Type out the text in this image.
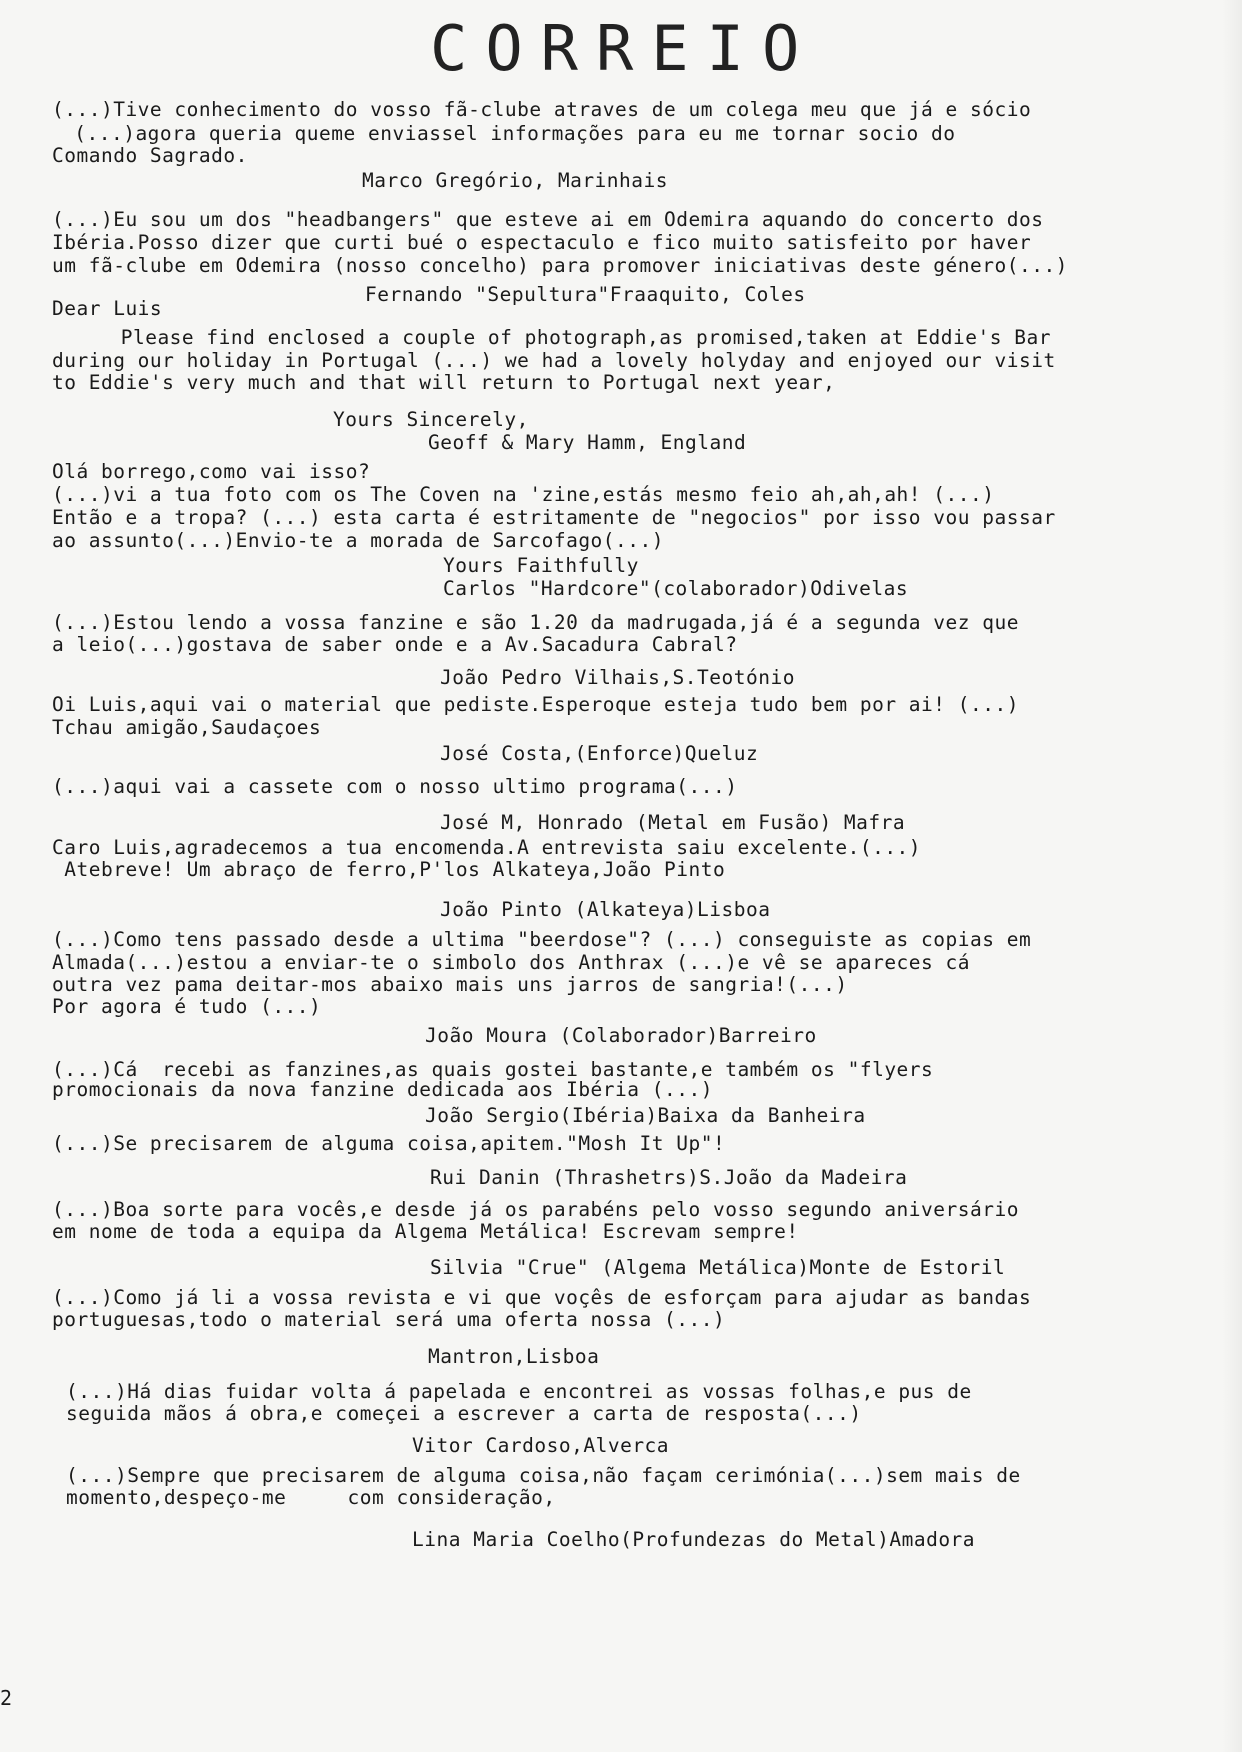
CORREIO
(...)Tive conhecimento do vosso fã-clube atraves de um colega meu que já e sócio
(...)agora queria queme enviassel informações para eu me tornar socio do
Comando Sagrado.
Marco Gregório, Marinhais
(...)Eu sou um dos "headbangers" que esteve ai em Odemira aquando do concerto dos
Ibéria.Posso dizer que curti bué o espectaculo e fico muito satisfeito por haver
um fã-clube em Odemira (nosso concelho) para promover iniciativas deste género(...)
Fernando "Sepultura"Fraaquito, Coles
Dear Luis
Please find enclosed a couple of photograph,as promised,taken at Eddie's Bar
during our holiday in Portugal (...) we had a lovely holyday and enjoyed our visit
to Eddie's very much and that will return to Portugal next year,
Yours Sincerely,
Geoff & Mary Hamm, England
Olá borrego,como vai isso?
(...)vi a tua foto com os The Coven na 'zine,estás mesmo feio ah,ah,ah! (...)
Então e a tropa? (...) esta carta é estritamente de "negocios" por isso vou passar
ao assunto(...)Envio-te a morada de Sarcofago(...)
Yours Faithfully
Carlos "Hardcore"(colaborador)Odivelas
(...)Estou lendo a vossa fanzine e são 1.20 da madrugada,já é a segunda vez que
a leio(...)gostava de saber onde e a Av.Sacadura Cabral?
João Pedro Vilhais,S.Teotónio
Oi Luis,aqui vai o material que pediste.Esperoque esteja tudo bem por ai! (...)
Tchau amigão,Saudaçoes
José Costa,(Enforce)Queluz
(...)aqui vai a cassete com o nosso ultimo programa(...)
José M, Honrado (Metal em Fusão) Mafra
Caro Luis,agradecemos a tua encomenda.A entrevista saiu excelente.(...)
Atebreve! Um abraço de ferro,P'los Alkateya,João Pinto
João Pinto (Alkateya)Lisboa
(...)Como tens passado desde a ultima "beerdose"? (...) conseguiste as copias em
Almada(...)estou a enviar-te o simbolo dos Anthrax (...)e vê se apareces cá
outra vez pama deitar-mos abaixo mais uns jarros de sangria!(...)
Por agora é tudo (...)
João Moura (Colaborador)Barreiro
(...)Cá  recebi as fanzines,as quais gostei bastante,e também os "flyers
promocionais da nova fanzine dedicada aos Ibéria (...)
João Sergio(Ibéria)Baixa da Banheira
(...)Se precisarem de alguma coisa,apitem."Mosh It Up"!
Rui Danin (Thrashetrs)S.João da Madeira
(...)Boa sorte para vocês,e desde já os parabéns pelo vosso segundo aniversário
em nome de toda a equipa da Algema Metálica! Escrevam sempre!
Silvia "Crue" (Algema Metálica)Monte de Estoril
(...)Como já li a vossa revista e vi que voçês de esforçam para ajudar as bandas
portuguesas,todo o material será uma oferta nossa (...)
Mantron,Lisboa
(...)Há dias fuidar volta á papelada e encontrei as vossas folhas,e pus de
seguida mãos á obra,e começei a escrever a carta de resposta(...)
Vitor Cardoso,Alverca
(...)Sempre que precisarem de alguma coisa,não façam cerimónia(...)sem mais de
momento,despeço-me     com consideração,
Lina Maria Coelho(Profundezas do Metal)Amadora
2
